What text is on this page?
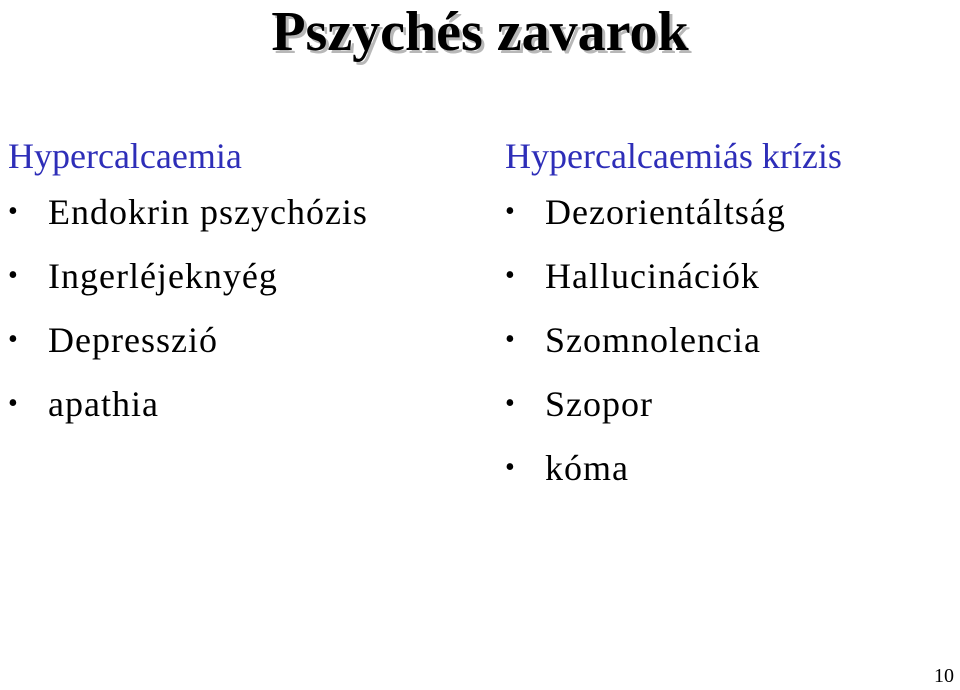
Pszychés zavarok
Hypercalcaemia
• Endokrin pszychózis
• Ingerléjeknyég
• Depresszió
• apathia
Hypercalcaemiás krízis
• Dezorientáltság
• Hallucinációk
• Szomnolencia
• Szopor
• kóma
10
